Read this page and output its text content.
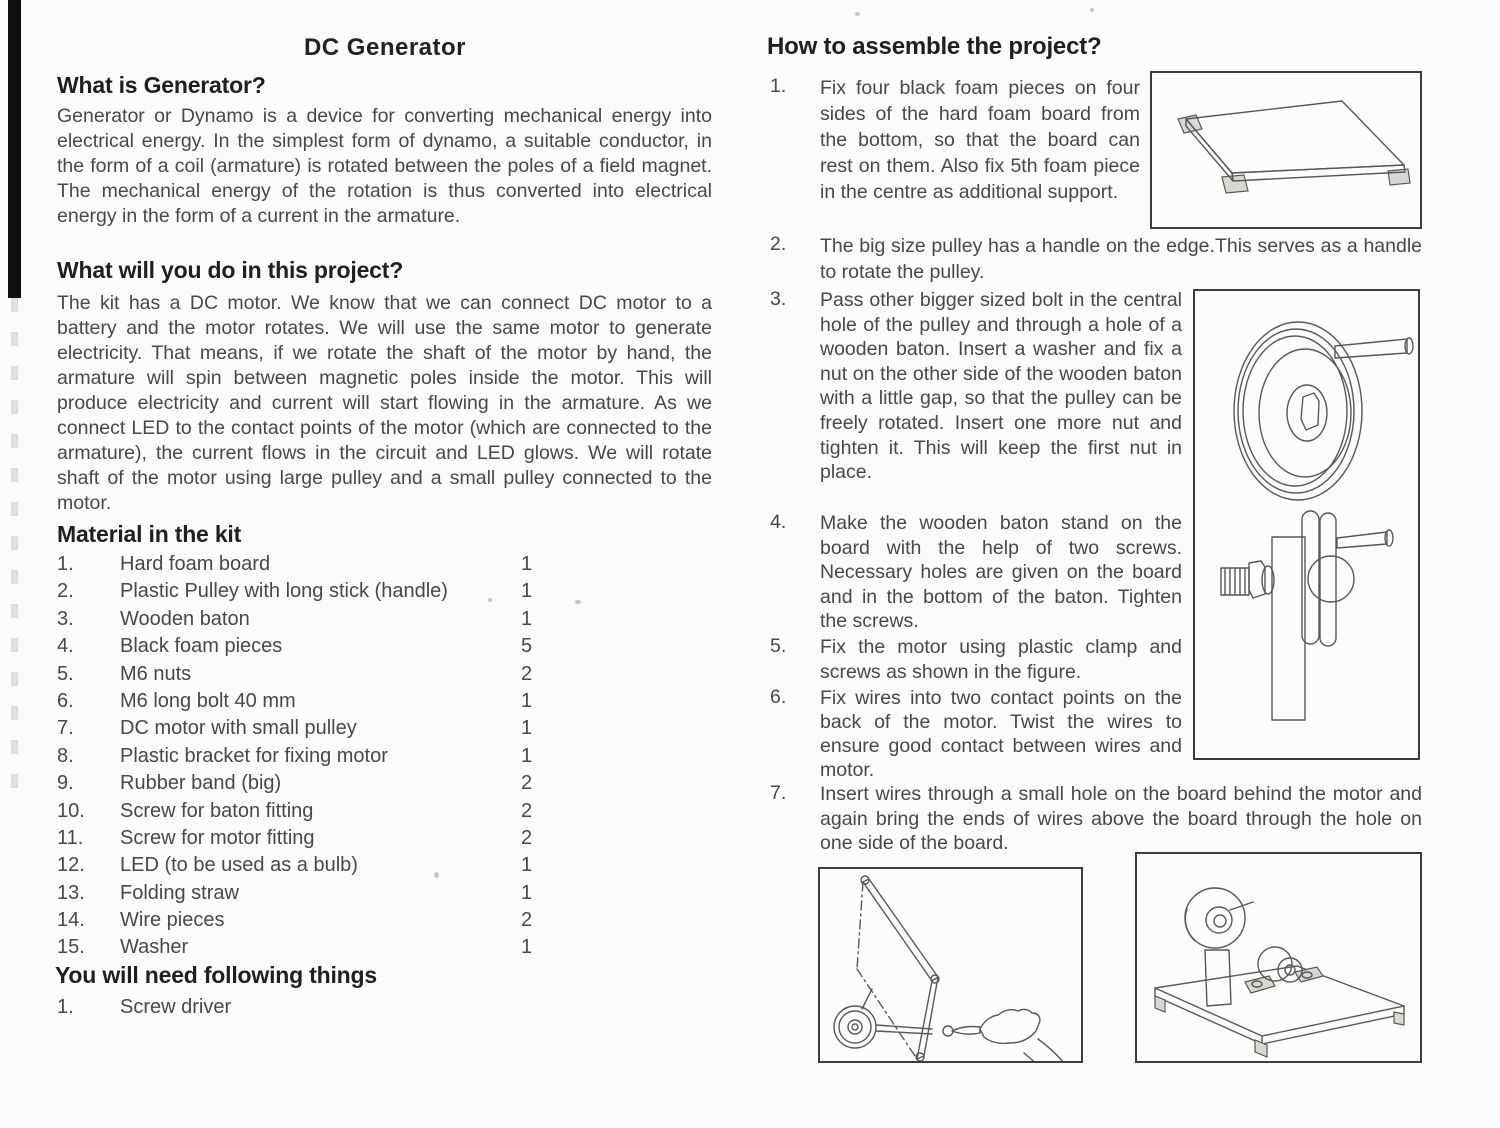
DC Generator
What is Generator?
Generator or Dynamo is a device for converting mechanical energy into electrical energy. In the simplest form of dynamo, a suitable conductor, in the form of a coil (armature) is rotated between the poles of a field magnet. The mechanical energy of the rotation is thus converted into electrical energy in the form of a current in the armature.
What will you do in this project?
The kit has a DC motor. We know that we can connect DC motor to a battery and the motor rotates. We will use the same motor to generate electricity. That means, if we rotate the shaft of the motor by hand, the armature will spin between magnetic poles inside the motor. This will produce electricity and current will start flowing in the armature. As we connect LED to the contact points of the motor (which are connected to the armature), the current flows in the circuit and LED glows. We will rotate shaft of the motor using large pulley and a small pulley connected to the motor.
Material in the kit
1. Hard foam board	1
2. Plastic Pulley with long stick (handle)	1
3. Wooden baton	1
4. Black foam pieces	5
5. M6 nuts	2
6. M6 long bolt 40 mm	1
7. DC motor with small pulley	1
8. Plastic bracket for fixing motor	1
9. Rubber band (big)	2
10. Screw for baton fitting	2
11. Screw for motor fitting	2
12. LED (to be used as a bulb)	1
13. Folding straw	1
14. Wire pieces	2
15. Washer	1
You will need following things
1. Screw driver
How to assemble the project?
1. Fix four black foam pieces on four sides of the hard foam board from the bottom, so that the board can rest on them. Also fix 5th foam piece in the centre as additional support.
2. The big size pulley has a handle on the edge.This serves as a handle to rotate the pulley.
3. Pass other bigger sized bolt in the central hole of the pulley and through a hole of a wooden baton. Insert a washer and fix a nut on the other side of the wooden baton with a little gap, so that the pulley can be freely rotated. Insert one more nut and tighten it. This will keep the first nut in place.
4. Make the wooden baton stand on the board with the help of two screws. Necessary holes are given on the board and in the bottom of the baton. Tighten the screws.
5. Fix the motor using plastic clamp and screws as shown in the figure.
6. Fix wires into two contact points on the back of the motor. Twist the wires to ensure good contact between wires and motor.
7. Insert wires through a small hole on the board behind the motor and again bring the ends of wires above the board through the hole on one side of the board.
